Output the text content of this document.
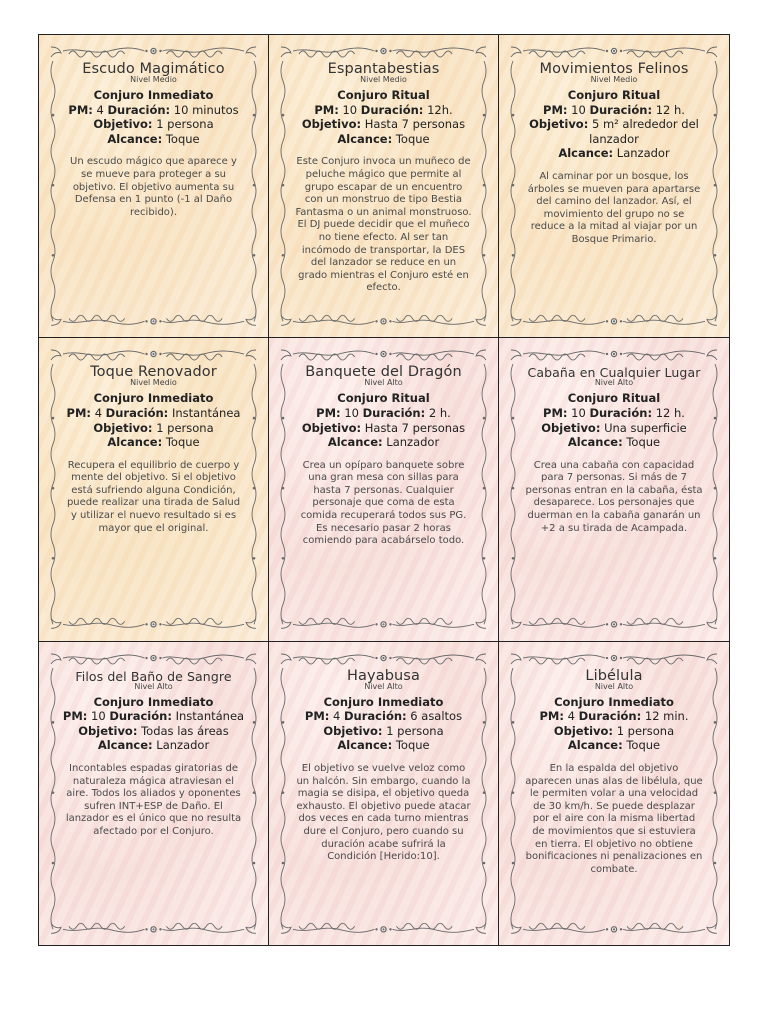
Escudo Magimático
Nivel Medio
Conjuro Inmediato
PM: 4 Duración: 10 minutos
Objetivo: 1 persona
Alcance: Toque
Un escudo mágico que aparece y se mueve para proteger a su objetivo. El objetivo aumenta su Defensa en 1 punto (-1 al Daño recibido).
Espantabestias
Nivel Medio
Conjuro Ritual
PM: 10 Duración: 12h.
Objetivo: Hasta 7 personas
Alcance: Toque
Este Conjuro invoca un muñeco de peluche mágico que permite al grupo escapar de un encuentro con un monstruo de tipo Bestia Fantasma o un animal monstruoso. El DJ puede decidir que el muñeco no tiene efecto. Al ser tan incómodo de transportar, la DES del lanzador se reduce en un grado mientras el Conjuro esté en efecto.
Movimientos Felinos
Nivel Medio
Conjuro Ritual
PM: 10 Duración: 12 h.
Objetivo: 5 m² alrededor del lanzador
Alcance: Lanzador
Al caminar por un bosque, los árboles se mueven para apartarse del camino del lanzador. Así, el movimiento del grupo no se reduce a la mitad al viajar por un Bosque Primario.
Toque Renovador
Nivel Medio
Conjuro Inmediato
PM: 4 Duración: Instantánea
Objetivo: 1 persona
Alcance: Toque
Recupera el equilibrio de cuerpo y mente del objetivo. Si el objetivo está sufriendo alguna Condición, puede realizar una tirada de Salud y utilizar el nuevo resultado si es mayor que el original.
Banquete del Dragón
Nivel Alto
Conjuro Ritual
PM: 10 Duración: 2 h.
Objetivo: Hasta 7 personas
Alcance: Lanzador
Crea un opíparo banquete sobre una gran mesa con sillas para hasta 7 personas. Cualquier personaje que coma de esta comida recuperará todos sus PG. Es necesario pasar 2 horas comiendo para acabárselo todo.
Cabaña en Cualquier Lugar
Nivel Alto
Conjuro Ritual
PM: 10 Duración: 12 h.
Objetivo: Una superficie
Alcance: Toque
Crea una cabaña con capacidad para 7 personas. Si más de 7 personas entran en la cabaña, ésta desaparece. Los personajes que duerman en la cabaña ganarán un +2 a su tirada de Acampada.
Filos del Baño de Sangre
Nivel Alto
Conjuro Inmediato
PM: 10 Duración: Instantánea
Objetivo: Todas las áreas
Alcance: Lanzador
Incontables espadas giratorias de naturaleza mágica atraviesan el aire. Todos los aliados y oponentes sufren INT+ESP de Daño. El lanzador es el único que no resulta afectado por el Conjuro.
Hayabusa
Nivel Alto
Conjuro Inmediato
PM: 4 Duración: 6 asaltos
Objetivo: 1 persona
Alcance: Toque
El objetivo se vuelve veloz como un halcón. Sin embargo, cuando la magia se disipa, el objetivo queda exhausto. El objetivo puede atacar dos veces en cada turno mientras dure el Conjuro, pero cuando su duración acabe sufrirá la Condición [Herido:10].
Libélula
Nivel Alto
Conjuro Inmediato
PM: 4 Duración: 12 min.
Objetivo: 1 persona
Alcance: Toque
En la espalda del objetivo aparecen unas alas de libélula, que le permiten volar a una velocidad de 30 km/h. Se puede desplazar por el aire con la misma libertad de movimientos que si estuviera en tierra. El objetivo no obtiene bonificaciones ni penalizaciones en combate.
